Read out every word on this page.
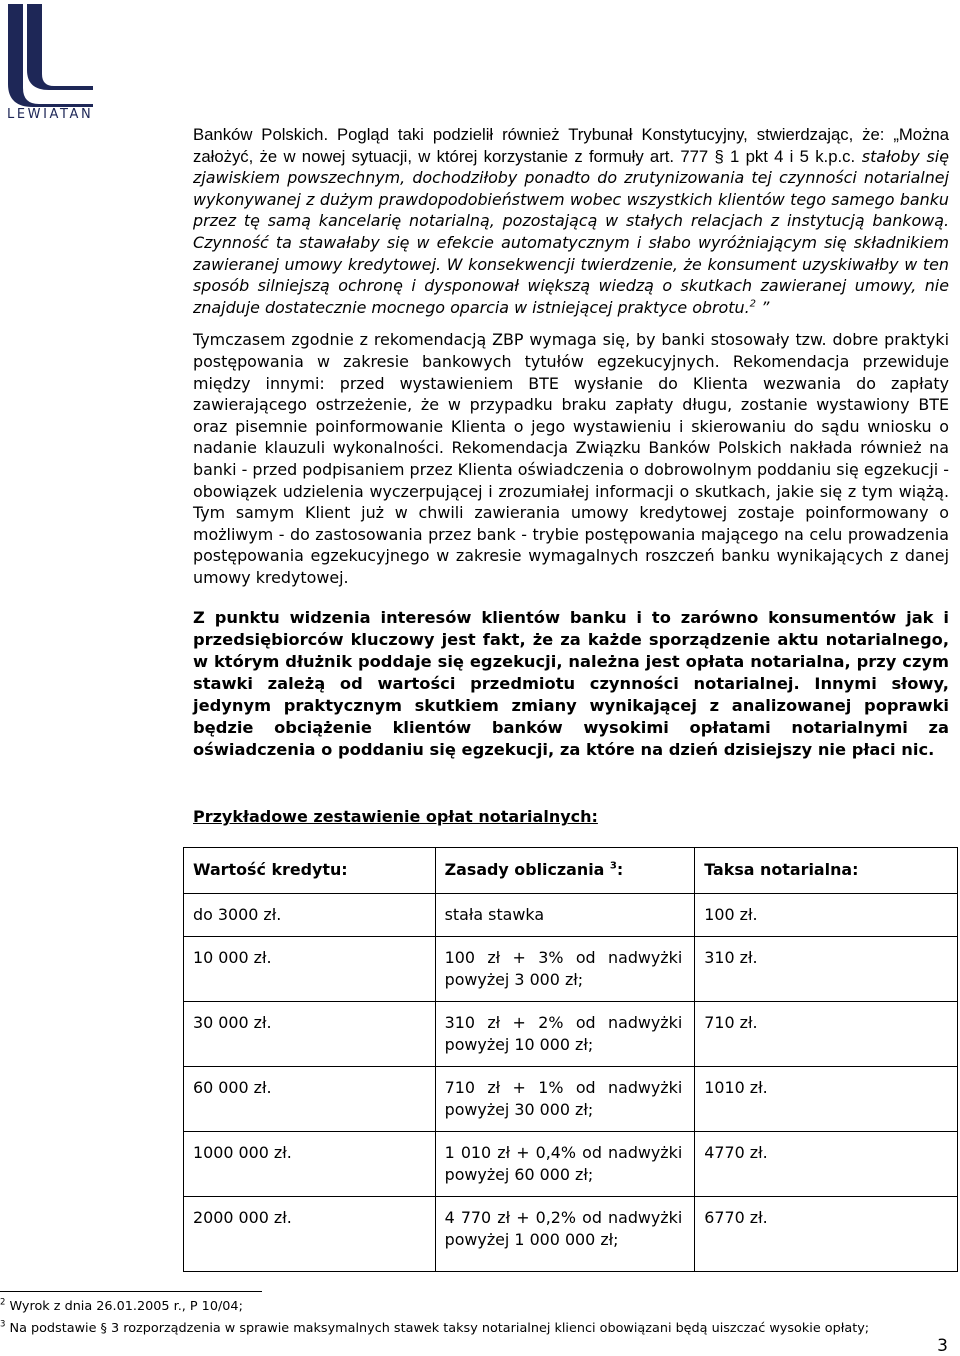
LEWIATAN

Banków Polskich. Pogląd taki podzielił również Trybunał Konstytucyjny, stwierdzając, że: „Można założyć, że w nowej sytuacji, w której korzystanie z formuły art. 777 § 1 pkt 4 i 5 k.p.c. stałoby się zjawiskiem powszechnym, dochodziłoby ponadto do zrutynizowania tej czynności notarialnej wykonywanej z dużym prawdopodobieństwem wobec wszystkich klientów tego samego banku przez tę samą kancelarię notarialną, pozostającą w stałych relacjach z instytucją bankową. Czynność ta stawałaby się w efekcie automatycznym i słabo wyróżniającym się składnikiem zawieranej umowy kredytowej. W konsekwencji twierdzenie, że konsument uzyskiwałby w ten sposób silniejszą ochronę i dysponował większą wiedzą o skutkach zawieranej umowy, nie znajduje dostatecznie mocnego oparcia w istniejącej praktyce obrotu.$^2$ ”

Tymczasem zgodnie z rekomendacją ZBP wymaga się, by banki stosowały tzw. dobre praktyki postępowania w zakresie bankowych tytułów egzekucyjnych. Rekomendacja przewiduje między innymi: przed wystawieniem BTE wysłanie do Klienta wezwania do zapłaty zawierającego ostrzeżenie, że w przypadku braku zapłaty długu, zostanie wystawiony BTE oraz pisemnie poinformowanie Klienta o jego wystawieniu i skierowaniu do sądu wniosku o nadanie klauzuli wykonalności. Rekomendacja Związku Banków Polskich nakłada również na banki - przed podpisaniem przez Klienta oświadczenia o dobrowolnym poddaniu się egzekucji - obowiązek udzielenia wyczerpującej i zrozumiałej informacji o skutkach, jakie się z tym wiążą. Tym samym Klient już w chwili zawierania umowy kredytowej zostaje poinformowany o możliwym - do zastosowania przez bank - trybie postępowania mającego na celu prowadzenia postępowania egzekucyjnego w zakresie wymagalnych roszczeń banku wynikających z danej umowy kredytowej.

Z punktu widzenia interesów klientów banku i to zarówno konsumentów jak i przedsiębiorców kluczowy jest fakt, że za każde sporządzenie aktu notarialnego, w którym dłużnik poddaje się egzekucji, należna jest opłata notarialna, przy czym stawki zależą od wartości przedmiotu czynności notarialnej. Innymi słowy, jedynym praktycznym skutkiem zmiany wynikającej z analizowanej poprawki będzie obciążenie klientów banków wysokimi opłatami notarialnymi za oświadczenia o poddaniu się egzekucji, za które na dzień dzisiejszy nie płaci nic.

Przykładowe zestawienie opłat notarialnych:

Wartość kredytu:	Zasady obliczania $^3$:	Taksa notarialna:

do 3000 zł.	stała stawka	100 zł.

10 000 zł.	100 zł + 3% od nadwyżki powyżej 3 000 zł;	310 zł.

30 000 zł.	310 zł + 2% od nadwyżki powyżej 10 000 zł;	710 zł.

60 000 zł.	710 zł + 1% od nadwyżki powyżej 30 000 zł;	1010 zł.

1000 000 zł.	1 010 zł + 0,4% od nadwyżki powyżej 60 000 zł;	4770 zł.

2000 000 zł.	4 770 zł + 0,2% od nadwyżki powyżej 1 000 000 zł;	6770 zł.
$^2$ Wyrok z dnia 26.01.2005 r., P 10/04;
$^3$ Na podstawie § 3 rozporządzenia w sprawie maksymalnych stawek taksy notarialnej klienci obowiązani będą uiszczać wysokie opłaty;
3
